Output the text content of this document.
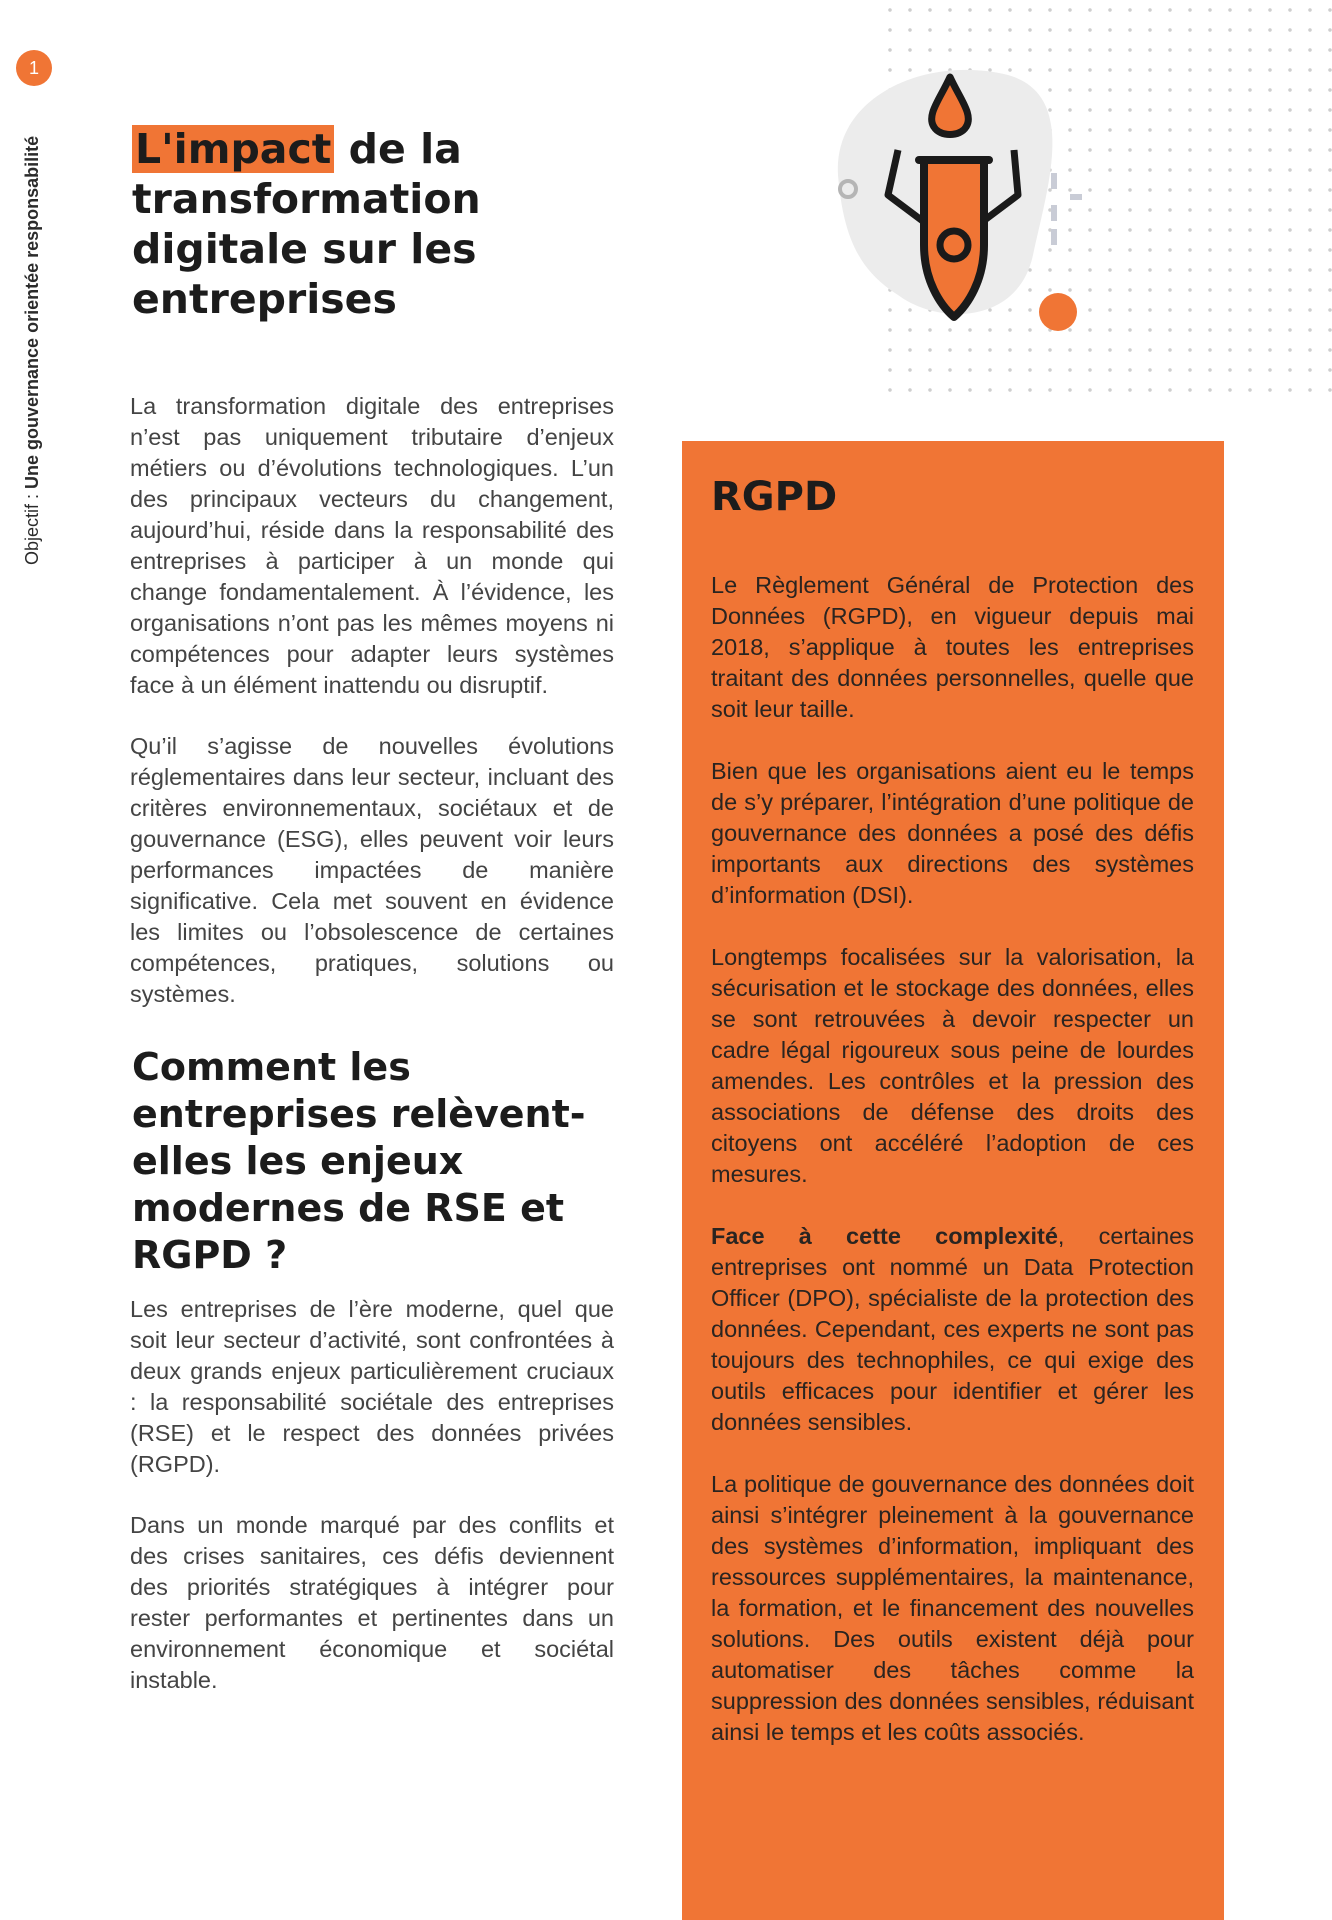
1
Objectif : Une gouvernance orientée responsabilité L'impact de la transformation digitale sur les entreprises

La transformation digitale des entreprises n’est pas uniquement tributaire d’enjeux métiers ou d’évolutions technologiques. L’un des principaux vecteurs du changement, aujourd’hui, réside dans la responsabilité des entreprises à participer à un monde qui change fondamentalement. À l’évidence, les organisations n’ont pas les mêmes moyens ni compétences pour adapter leurs systèmes face à un élément inattendu ou disruptif.

Qu’il s’agisse de nouvelles évolutions réglementaires dans leur secteur, incluant des critères environnementaux, sociétaux et de gouvernance (ESG), elles peuvent voir leurs performances impactées de manière significative. Cela met souvent en évidence les limites ou l’obsolescence de certaines compétences, pratiques, solutions ou systèmes.

Comment les entreprises relèvent-elles les enjeux modernes de RSE et RGPD ?

Les entreprises de l’ère moderne, quel que soit leur secteur d’activité, sont confrontées à deux grands enjeux particulièrement cruciaux : la responsabilité sociétale des entreprises (RSE) et le respect des données privées (RGPD).

Dans un monde marqué par des conflits et des crises sanitaires, ces défis deviennent des priorités stratégiques à intégrer pour rester performantes et pertinentes dans un environnement économique et sociétal instable.

RGPD

Le Règlement Général de Protection des Données (RGPD), en vigueur depuis mai 2018, s’applique à toutes les entreprises traitant des données personnelles, quelle que soit leur taille.

Bien que les organisations aient eu le temps de s’y préparer, l’intégration d’une politique de gouvernance des données a posé des défis importants aux directions des systèmes d’information (DSI).

Longtemps focalisées sur la valorisation, la sécurisation et le stockage des données, elles se sont retrouvées à devoir respecter un cadre légal rigoureux sous peine de lourdes amendes. Les contrôles et la pression des associations de défense des droits des citoyens ont accéléré l’adoption de ces mesures.

Face à cette complexité, certaines entreprises ont nommé un Data Protection Officer (DPO), spécialiste de la protection des données. Cependant, ces experts ne sont pas toujours des technophiles, ce qui exige des outils efficaces pour identifier et gérer les données sensibles.

La politique de gouvernance des données doit ainsi s’intégrer pleinement à la gouvernance des systèmes d’information, impliquant des ressources supplémentaires, la maintenance, la formation, et le financement des nouvelles solutions. Des outils existent déjà pour automatiser des tâches comme la suppression des données sensibles, réduisant ainsi le temps et les coûts associés.
